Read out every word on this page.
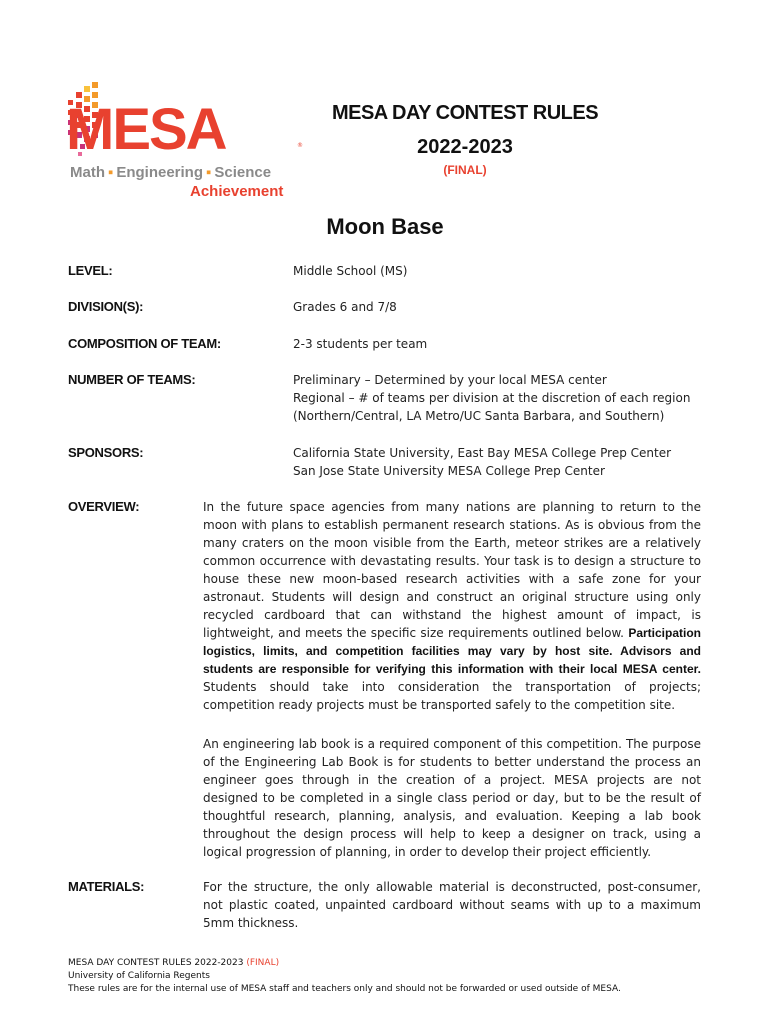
MESA	®
Math ▪ Engineering ▪ Science
Achievement
MESA DAY CONTEST RULES
2022-2023
(FINAL)
Moon Base
LEVEL:	Middle School (MS)
DIVISION(S):	Grades 6 and 7/8
COMPOSITION OF TEAM:	2-3 students per team
NUMBER OF TEAMS:	Preliminary – Determined by your local MESA center
Regional – # of teams per division at the discretion of each region
(Northern/Central, LA Metro/UC Santa Barbara, and Southern)
SPONSORS:	California State University, East Bay MESA College Prep Center
San Jose State University MESA College Prep Center
OVERVIEW:	In the future space agencies from many nations are planning to return to the moon with plans to establish permanent research stations. As is obvious from the many craters on the moon visible from the Earth, meteor strikes are a relatively common occurrence with devastating results. Your task is to design a structure to house these new moon-based research activities with a safe zone for your astronaut. Students will design and construct an original structure using only recycled cardboard that can withstand the highest amount of impact, is lightweight, and meets the specific size requirements outlined below. Participation logistics, limits, and competition facilities may vary by host site. Advisors and students are responsible for verifying this information with their local MESA center. Students should take into consideration the transportation of projects; competition ready projects must be transported safely to the competition site.
An engineering lab book is a required component of this competition. The purpose of the Engineering Lab Book is for students to better understand the process an engineer goes through in the creation of a project. MESA projects are not designed to be completed in a single class period or day, but to be the result of thoughtful research, planning, analysis, and evaluation. Keeping a lab book throughout the design process will help to keep a designer on track, using a logical progression of planning, in order to develop their project efficiently.
MATERIALS:	For the structure, the only allowable material is deconstructed, post-consumer, not plastic coated, unpainted cardboard without seams with up to a maximum 5mm thickness.
MESA DAY CONTEST RULES 2022-2023 (FINAL)
University of California Regents
These rules are for the internal use of MESA staff and teachers only and should not be forwarded or used outside of MESA.
